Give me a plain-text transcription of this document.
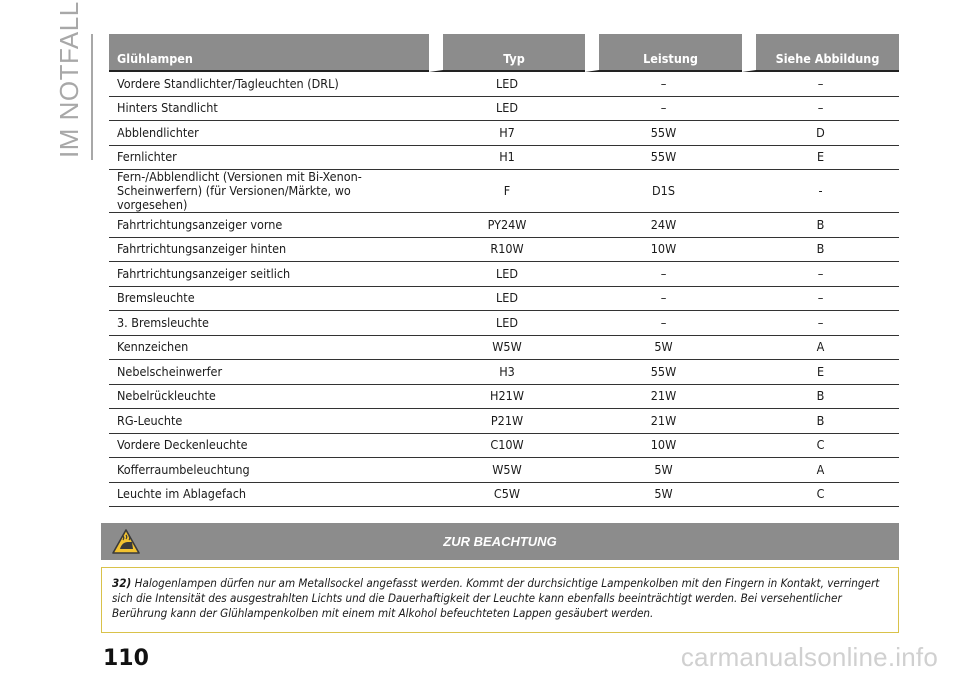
IM NOTFALL	Glühlampen	Typ	Leistung	Siehe Abbildung
Vordere Standlichter/Tagleuchten (DRL)	LED	–	–
Hinters Standlicht	LED	–	–
Abblendlichter	H7	55W	D
Fernlichter	H1	55W	E
Fern-/Abblendlicht (Versionen mit Bi-Xenon-
Scheinwerfern) (für Versionen/Märkte, wo vorgesehen)	F	D1S	-
Fahrtrichtungsanzeiger vorne	PY24W	24W	B
Fahrtrichtungsanzeiger hinten	R10W	10W	B
Fahrtrichtungsanzeiger seitlich	LED	–	–
Bremsleuchte	LED	–	–
3. Bremsleuchte	LED	–	–
Kennzeichen	W5W	5W	A
Nebelscheinwerfer	H3	55W	E
Nebelrückleuchte	H21W	21W	B
RG-Leuchte	P21W	21W	B
Vordere Deckenleuchte	C10W	10W	C
Kofferraumbeleuchtung	W5W	5W	A
Leuchte im Ablagefach	C5W	5W	C
ZUR BEACHTUNG
32) Halogenlampen dürfen nur am Metallsockel angefasst werden. Kommt der durchsichtige Lampenkolben mit den Fingern in Kontakt, verringert sich die Intensität des ausgestrahlten Lichts und die Dauerhaftigkeit der Leuchte kann ebenfalls beeinträchtigt werden. Bei versehentlicher Berührung kann der Glühlampenkolben mit einem mit Alkohol befeuchteten Lappen gesäubert werden.
110	carmanualsonline.info
